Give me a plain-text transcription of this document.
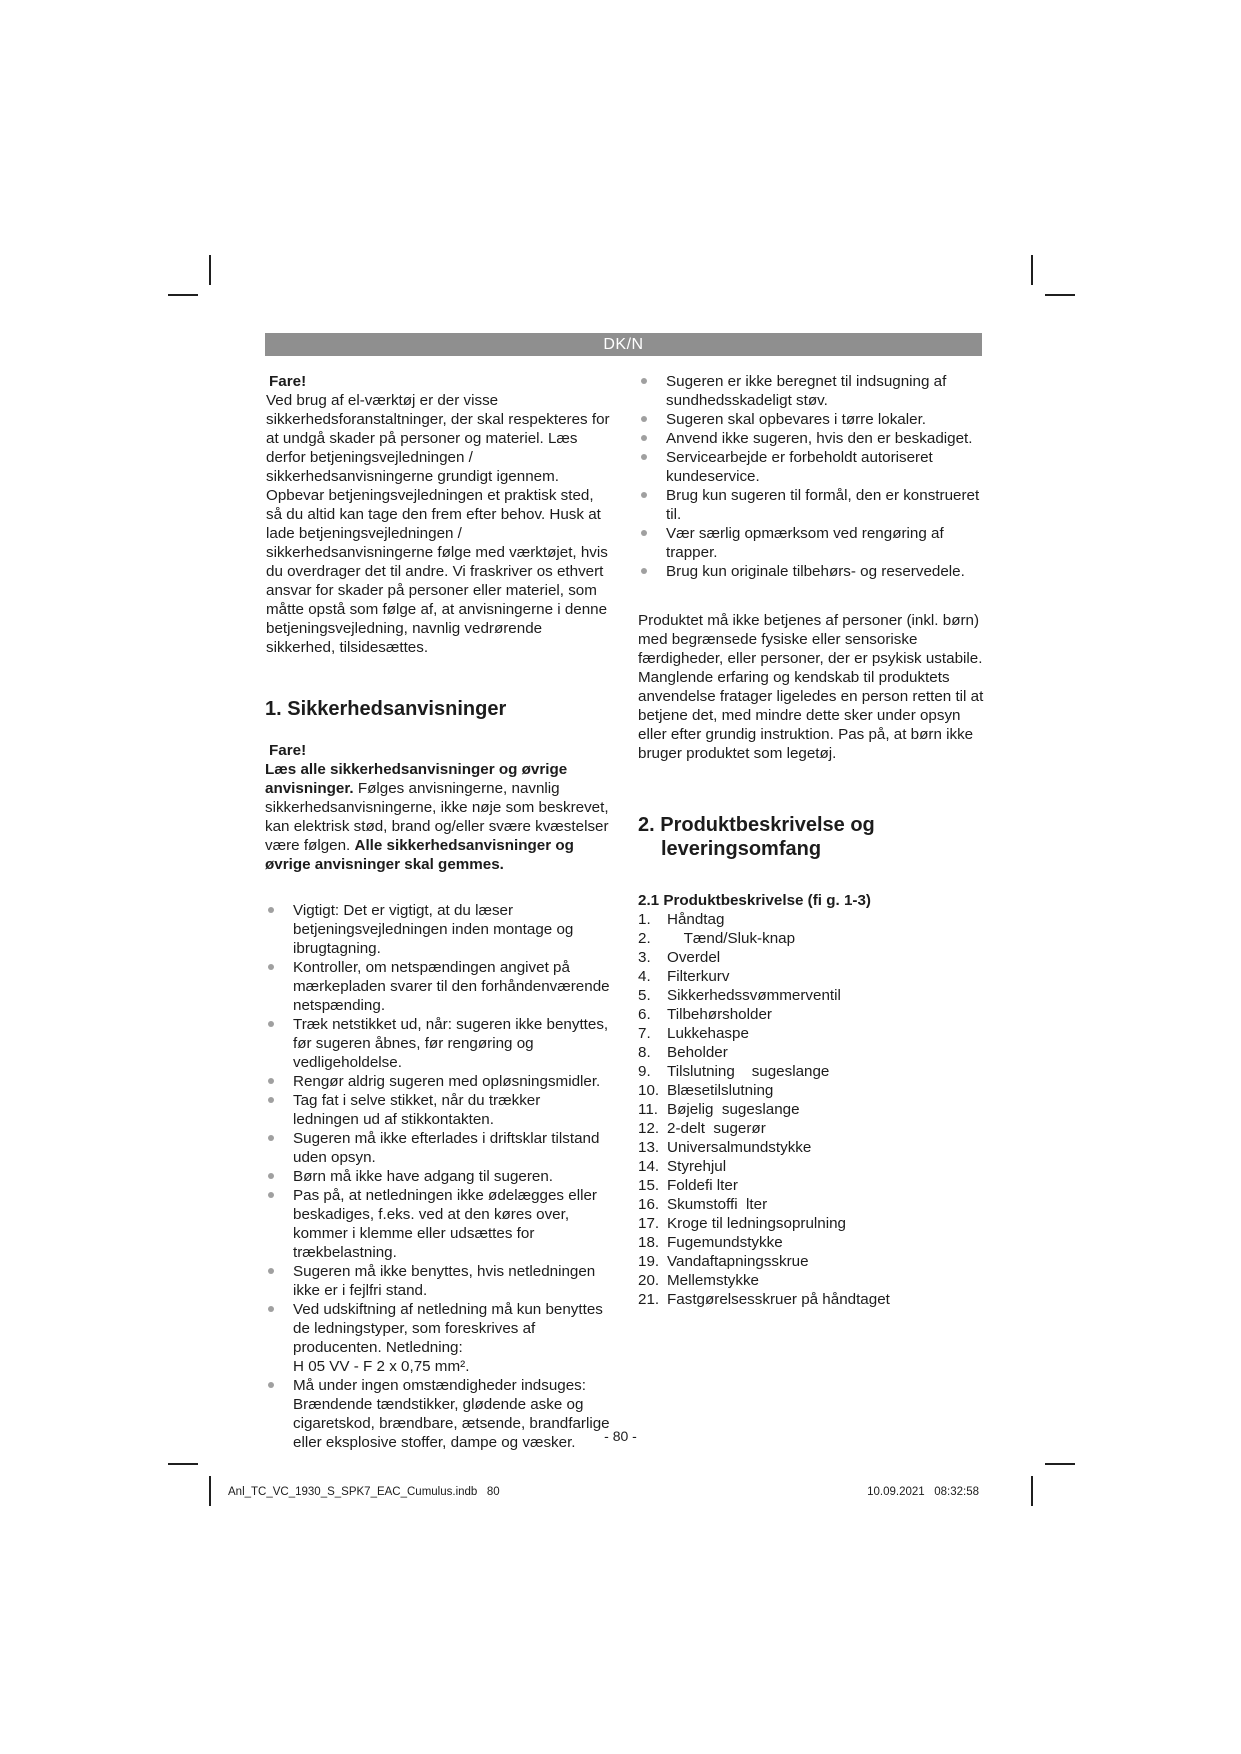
DK/N

Fare!

Ved brug af el-værktøj er der visse sikkerhedsforanstaltninger, der skal respekteres for at undgå skader på personer og materiel. Læs derfor betjeningsvejledningen / sikkerhedsanvisningerne grundigt igennem. Opbevar betjeningsvejledningen et praktisk sted, så du altid kan tage den frem efter behov. Husk at lade betjeningsvejledningen / sikkerhedsanvisningerne følge med værktøjet, hvis du overdrager det til andre. Vi fraskriver os ethvert ansvar for skader på personer eller materiel, som måtte opstå som følge af, at anvisningerne i denne betjeningsvejledning, navnlig vedrørende sikkerhed, tilsidesættes.

1. Sikkerhedsanvisninger

Fare!

Læs alle sikkerhedsanvisninger og øvrige anvisninger. Følges anvisningerne, navnlig sikkerhedsanvisningerne, ikke nøje som beskrevet, kan elektrisk stød, brand og/eller svære kvæstelser være følgen. Alle sikkerhedsanvisninger og øvrige anvisninger skal gemmes.

Vigtigt: Det er vigtigt, at du læser betjeningsvejledningen inden montage og ibrugtagning.
Kontroller, om netspændingen angivet på mærkepladen svarer til den forhåndenværende netspænding.
Træk netstikket ud, når: sugeren ikke benyttes, før sugeren åbnes, før rengøring og vedligeholdelse.
Rengør aldrig sugeren med opløsningsmidler.
Tag fat i selve stikket, når du trækker ledningen ud af stikkontakten.
Sugeren må ikke efterlades i driftsklar tilstand uden opsyn.
Børn må ikke have adgang til sugeren.
Pas på, at netledningen ikke ødelægges eller beskadiges, f.eks. ved at den køres over, kommer i klemme eller udsættes for trækbelastning.
Sugeren må ikke benyttes, hvis netledningen ikke er i fejlfri stand.
Ved udskiftning af netledning må kun benyttes de ledningstyper, som foreskrives af producenten. Netledning:
H 05 VV - F 2 x 0,75 mm².
Må under ingen omstændigheder indsuges: Brændende tændstikker, glødende aske og cigaretskod, brændbare, ætsende, brandfarlige eller eksplosive stoffer, dampe og væsker.
Sugeren er ikke beregnet til indsugning af sundhedsskadeligt støv.
Sugeren skal opbevares i tørre lokaler.
Anvend ikke sugeren, hvis den er beskadiget.
Servicearbejde er forbeholdt autoriseret kundeservice.
Brug kun sugeren til formål, den er konstrueret til.
Vær særlig opmærksom ved rengøring af trapper.
Brug kun originale tilbehørs- og reservedele.

Produktet må ikke betjenes af personer (inkl. børn) med begrænsede fysiske eller sensoriske færdigheder, eller personer, der er psykisk ustabile. Manglende erfaring og kendskab til produktets anvendelse fratager ligeledes en person retten til at betjene det, med mindre dette sker under opsyn eller efter grundig instruktion. Pas på, at børn ikke bruger produktet som legetøj.

2. Produktbeskrivelse og leveringsomfang
2.1 Produktbeskrivelse (fi g. 1-3)
1.	Håndtag
2.	Tænd/Sluk-knap
3.	Overdel
4.	Filterkurv
5.	Sikkerhedssvømmerventil
6.	Tilbehørsholder
7.	Lukkehaspe
8.	Beholder
9.	Tilslutning    sugeslange
10. Blæsetilslutning
11. Bøjelig  sugeslange
12. 2-delt  sugerør
13. Universalmundstykke
14. Styrehjul
15. Foldefi lter
16. Skumstoffi  lter
17. Kroge til ledningsoprulning
18. Fugemundstykke
19. Vandaftapningsskrue
20. Mellemstykke
21. Fastgørelsesskruer på håndtaget
- 80 -
Anl_TC_VC_1930_S_SPK7_EAC_Cumulus.indb   80	10.09.2021   08:32:58
